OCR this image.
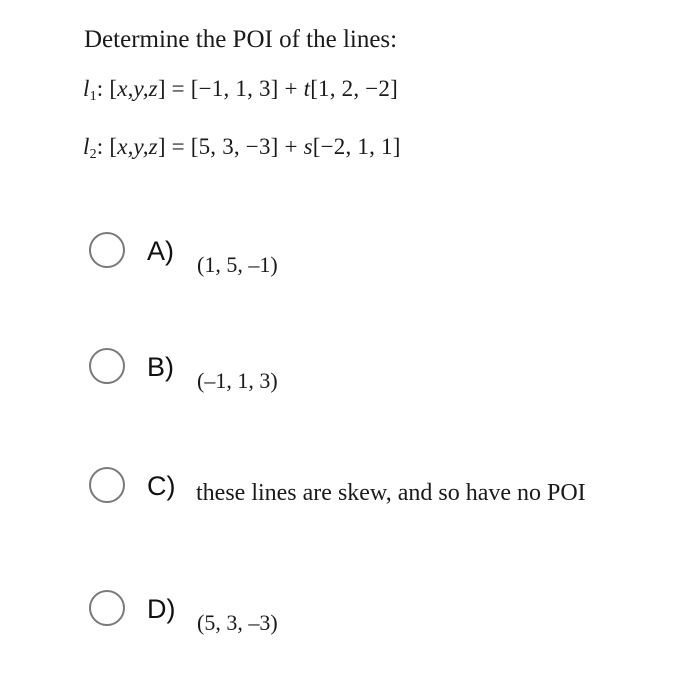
Determine the POI of the lines:
$l_1$: [x,y,z] = [−1, 1, 3] + t[1, 2, −2]
$l_2$: [x,y,z] = [5, 3, −3] + s[−2, 1, 1]
A) (1, 5, –1)
B) (–1, 1, 3)
C) these lines are skew, and so have no POI
D) (5, 3, –3)
